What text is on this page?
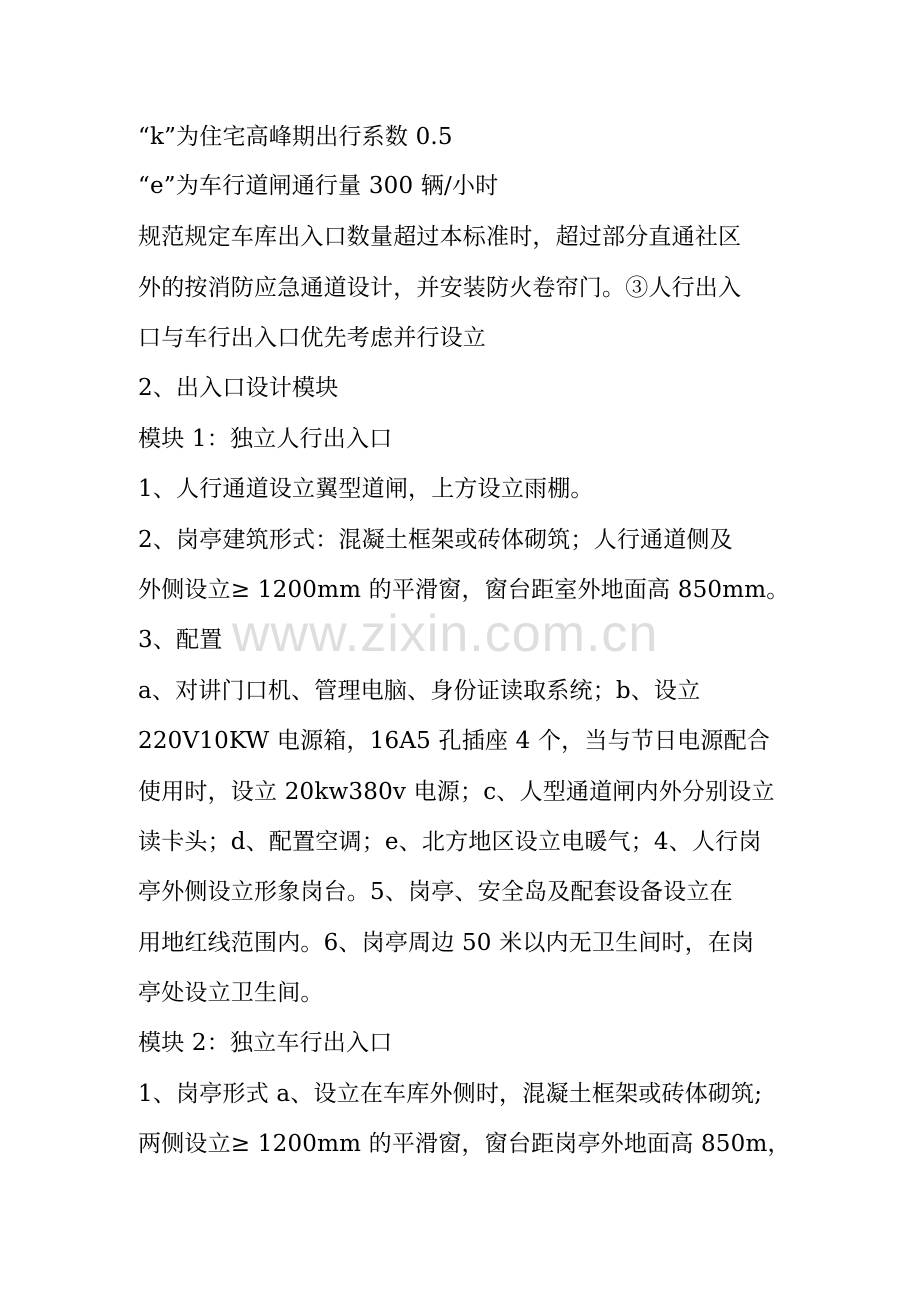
“k”为住宅高峰期出行系数 0.5
“e”为车行道闸通行量 300 辆/小时
规范规定车库出入口数量超过本标准时，超过部分直通社区
外的按消防应急通道设计，并安装防火卷帘门。③人行出入
口与车行出入口优先考虑并行设立
2、出入口设计模块
模块 1：独立人行出入口
1、人行通道设立翼型道闸，上方设立雨棚。
2、岗亭建筑形式：混凝土框架或砖体砌筑；人行通道侧及
外侧设立≥ 1200mm 的平滑窗，窗台距室外地面高 850mm。
3、配置
a、对讲门口机、管理电脑、身份证读取系统；b、设立
220V10KW 电源箱，16A5 孔插座 4 个，当与节日电源配合
使用时，设立 20kw380v 电源；c、人型通道闸内外分别设立
读卡头；d、配置空调；e、北方地区设立电暖气；4、人行岗
亭外侧设立形象岗台。5、岗亭、安全岛及配套设备设立在
用地红线范围内。6、岗亭周边 50 米以内无卫生间时，在岗
亭处设立卫生间。
模块 2：独立车行出入口
1、岗亭形式 a、设立在车库外侧时，混凝土框架或砖体砌筑;
两侧设立≥ 1200mm 的平滑窗，窗台距岗亭外地面高 850m，
www.zixin.com.cn
